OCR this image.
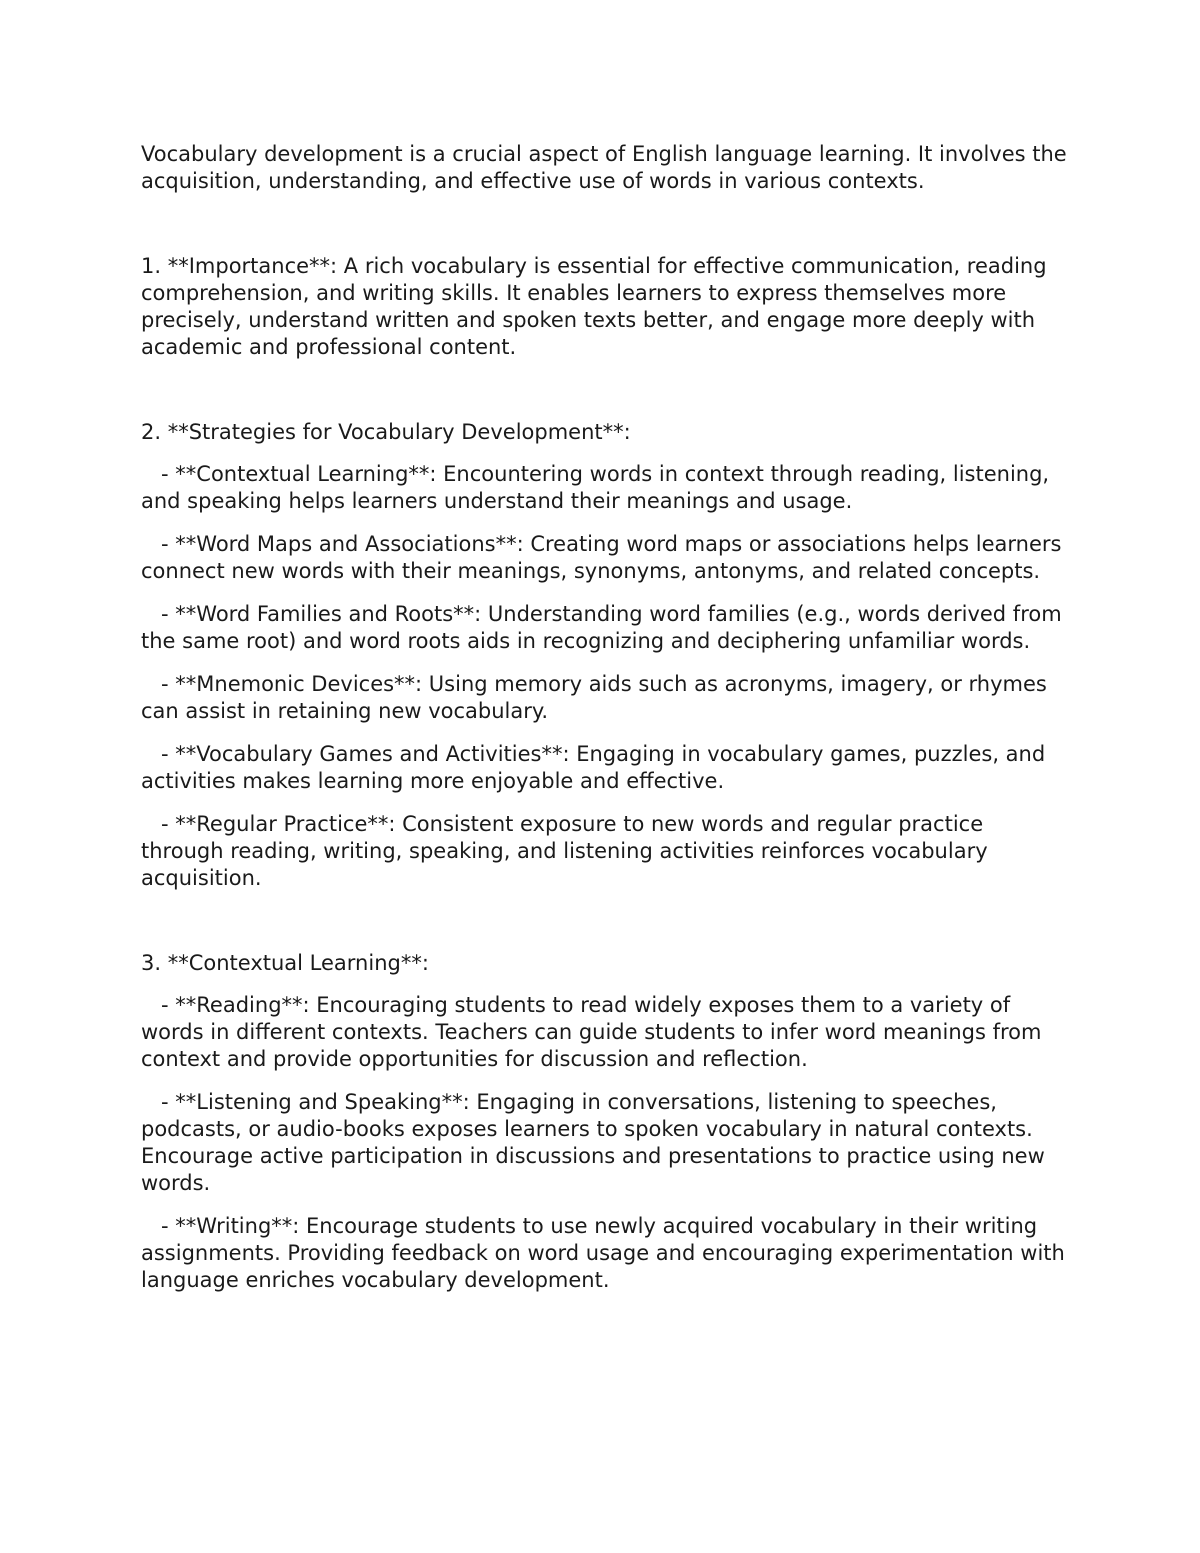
Vocabulary development is a crucial aspect of English language learning. It involves the acquisition, understanding, and effective use of words in various contexts.

1. **Importance**: A rich vocabulary is essential for effective communication, reading comprehension, and writing skills. It enables learners to express themselves more precisely, understand written and spoken texts better, and engage more deeply with academic and professional content.

2. **Strategies for Vocabulary Development**:

- **Contextual Learning**: Encountering words in context through reading, listening, and speaking helps learners understand their meanings and usage.

- **Word Maps and Associations**: Creating word maps or associations helps learners connect new words with their meanings, synonyms, antonyms, and related concepts.

- **Word Families and Roots**: Understanding word families (e.g., words derived from the same root) and word roots aids in recognizing and deciphering unfamiliar words.

- **Mnemonic Devices**: Using memory aids such as acronyms, imagery, or rhymes can assist in retaining new vocabulary.

- **Vocabulary Games and Activities**: Engaging in vocabulary games, puzzles, and activities makes learning more enjoyable and effective.

- **Regular Practice**: Consistent exposure to new words and regular practice through reading, writing, speaking, and listening activities reinforces vocabulary acquisition.

3. **Contextual Learning**:

- **Reading**: Encouraging students to read widely exposes them to a variety of words in different contexts. Teachers can guide students to infer word meanings from context and provide opportunities for discussion and reflection.

- **Listening and Speaking**: Engaging in conversations, listening to speeches, podcasts, or audio-books exposes learners to spoken vocabulary in natural contexts. Encourage active participation in discussions and presentations to practice using new words.

- **Writing**: Encourage students to use newly acquired vocabulary in their writing assignments. Providing feedback on word usage and encouraging experimentation with language enriches vocabulary development.
